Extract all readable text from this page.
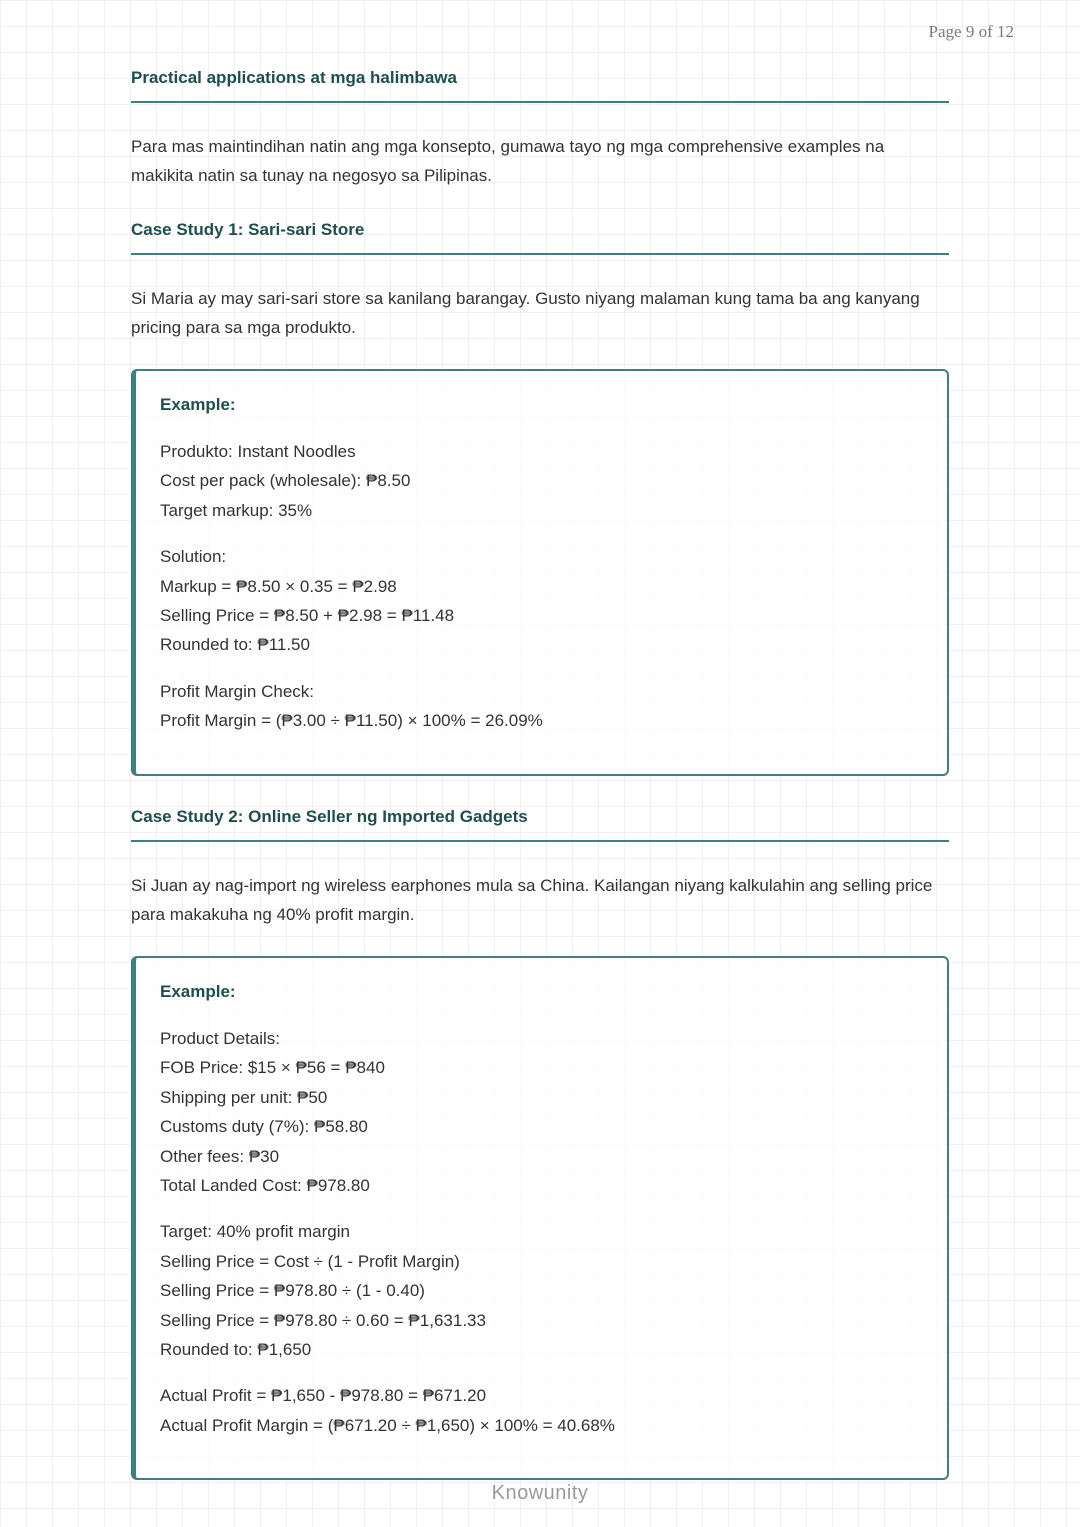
Page 9 of 12
Practical applications at mga halimbawa
Para mas maintindihan natin ang mga konsepto, gumawa tayo ng mga comprehensive examples na makikita natin sa tunay na negosyo sa Pilipinas.
Case Study 1: Sari-sari Store
Si Maria ay may sari-sari store sa kanilang barangay. Gusto niyang malaman kung tama ba ang kanyang pricing para sa mga produkto.
Example:
Produkto: Instant Noodles
Cost per pack (wholesale): ₱8.50
Target markup: 35%
Solution:
Markup = ₱8.50 × 0.35 = ₱2.98
Selling Price = ₱8.50 + ₱2.98 = ₱11.48
Rounded to: ₱11.50
Profit Margin Check:
Profit Margin = (₱3.00 ÷ ₱11.50) × 100% = 26.09%
Case Study 2: Online Seller ng Imported Gadgets
Si Juan ay nag-import ng wireless earphones mula sa China. Kailangan niyang kalkulahin ang selling price para makakuha ng 40% profit margin.
Example:
Product Details:
FOB Price: $15 × ₱56 = ₱840
Shipping per unit: ₱50
Customs duty (7%): ₱58.80
Other fees: ₱30
Total Landed Cost: ₱978.80
Target: 40% profit margin
Selling Price = Cost ÷ (1 - Profit Margin)
Selling Price = ₱978.80 ÷ (1 - 0.40)
Selling Price = ₱978.80 ÷ 0.60 = ₱1,631.33
Rounded to: ₱1,650
Actual Profit = ₱1,650 - ₱978.80 = ₱671.20
Actual Profit Margin = (₱671.20 ÷ ₱1,650) × 100% = 40.68%
Knowunity
